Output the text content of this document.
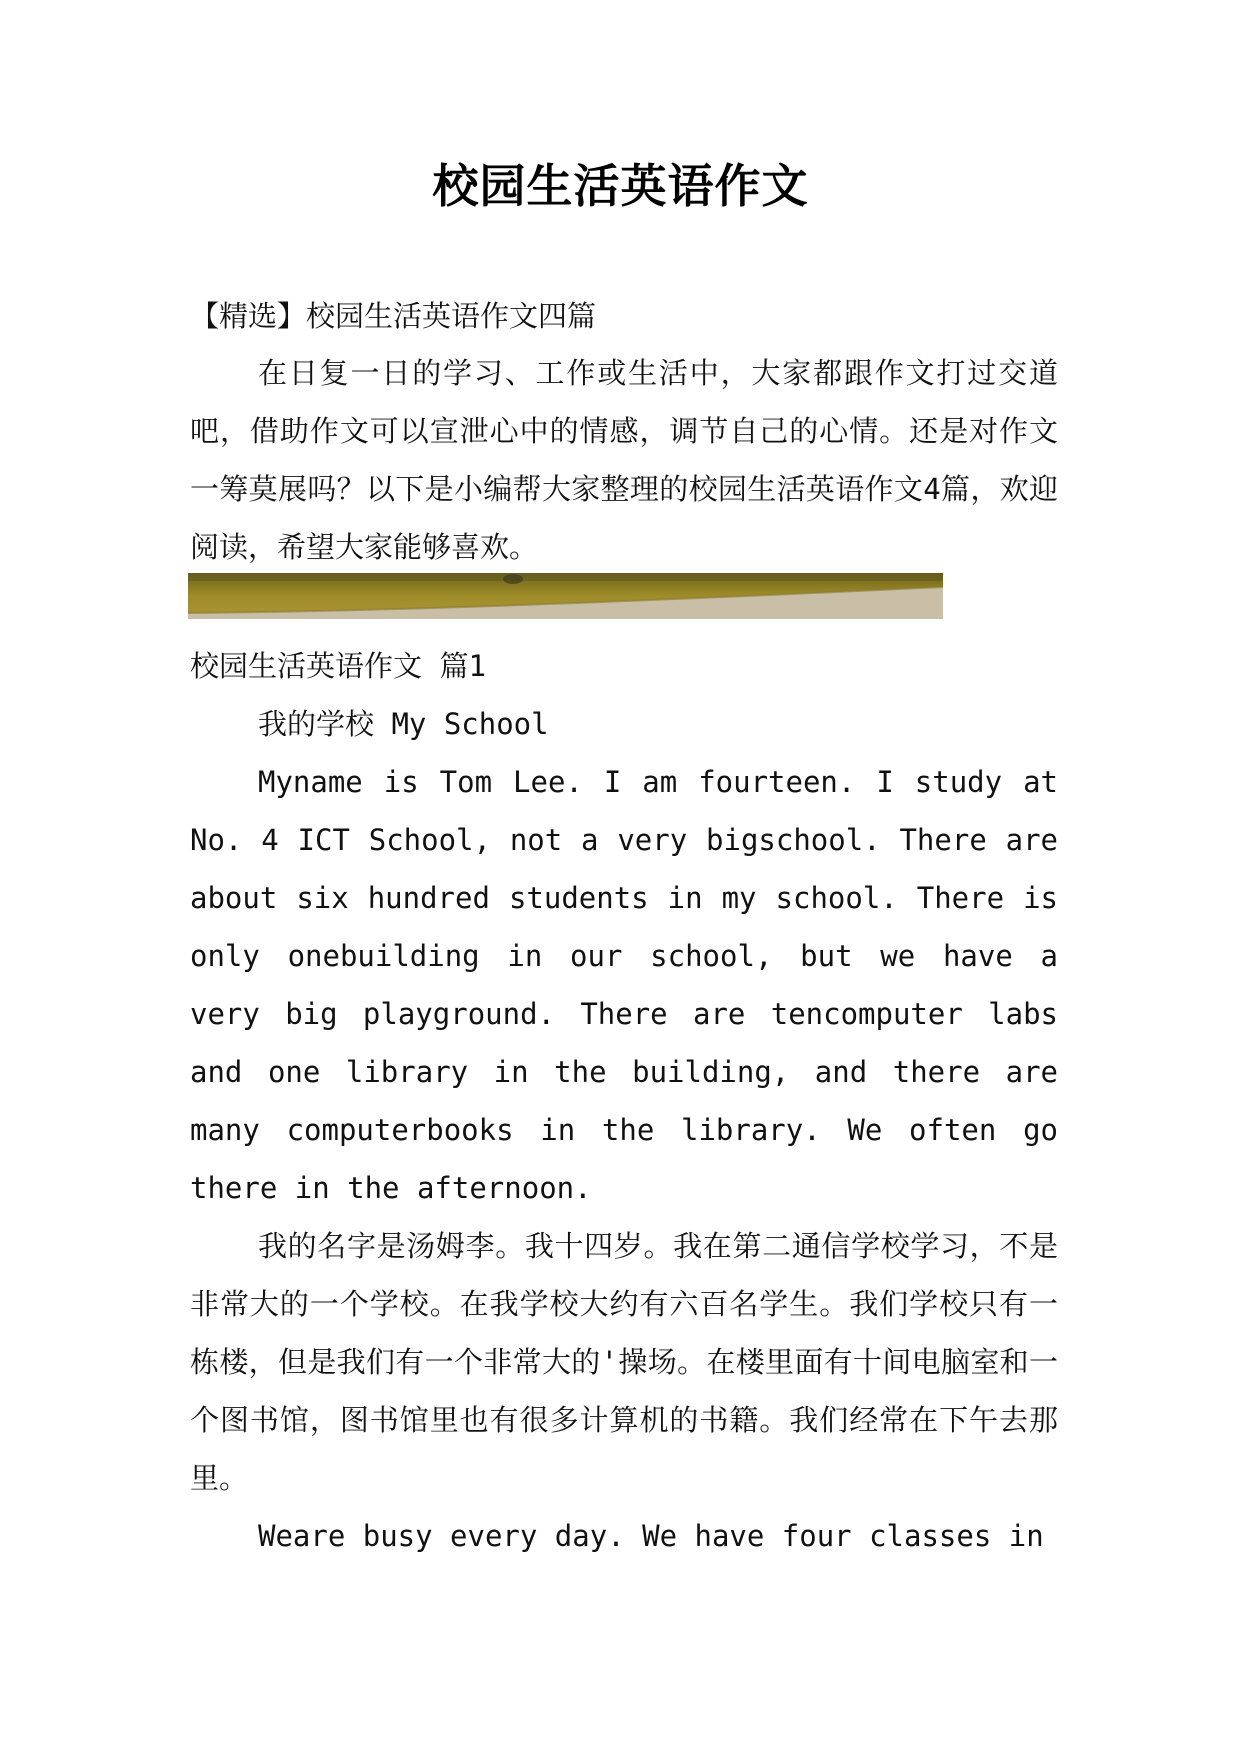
校园生活英语作文
【精选】校园生活英语作文四篇
在日复一日的学习、工作或生活中，大家都跟作文打过交道吧，借助作文可以宣泄心中的情感，调节自己的心情。还是对作文一筹莫展吗？以下是小编帮大家整理的校园生活英语作文4篇，欢迎阅读，希望大家能够喜欢。
校园生活英语作文 篇1
我的学校 My School
Myname is Tom Lee. I am fourteen. I study at No. 4 ICT School, not a very bigschool. There are about six hundred students in my school. There is only onebuilding in our school, but we have a very big playground. There are tencomputer labs and one library in the building, and there are many computerbooks in the library. We often go there in the afternoon.
我的名字是汤姆李。我十四岁。我在第二通信学校学习，不是非常大的一个学校。在我学校大约有六百名学生。我们学校只有一栋楼，但是我们有一个非常大的'操场。在楼里面有十间电脑室和一个图书馆，图书馆里也有很多计算机的书籍。我们经常在下午去那里。
Weare busy every day. We have four classes in
